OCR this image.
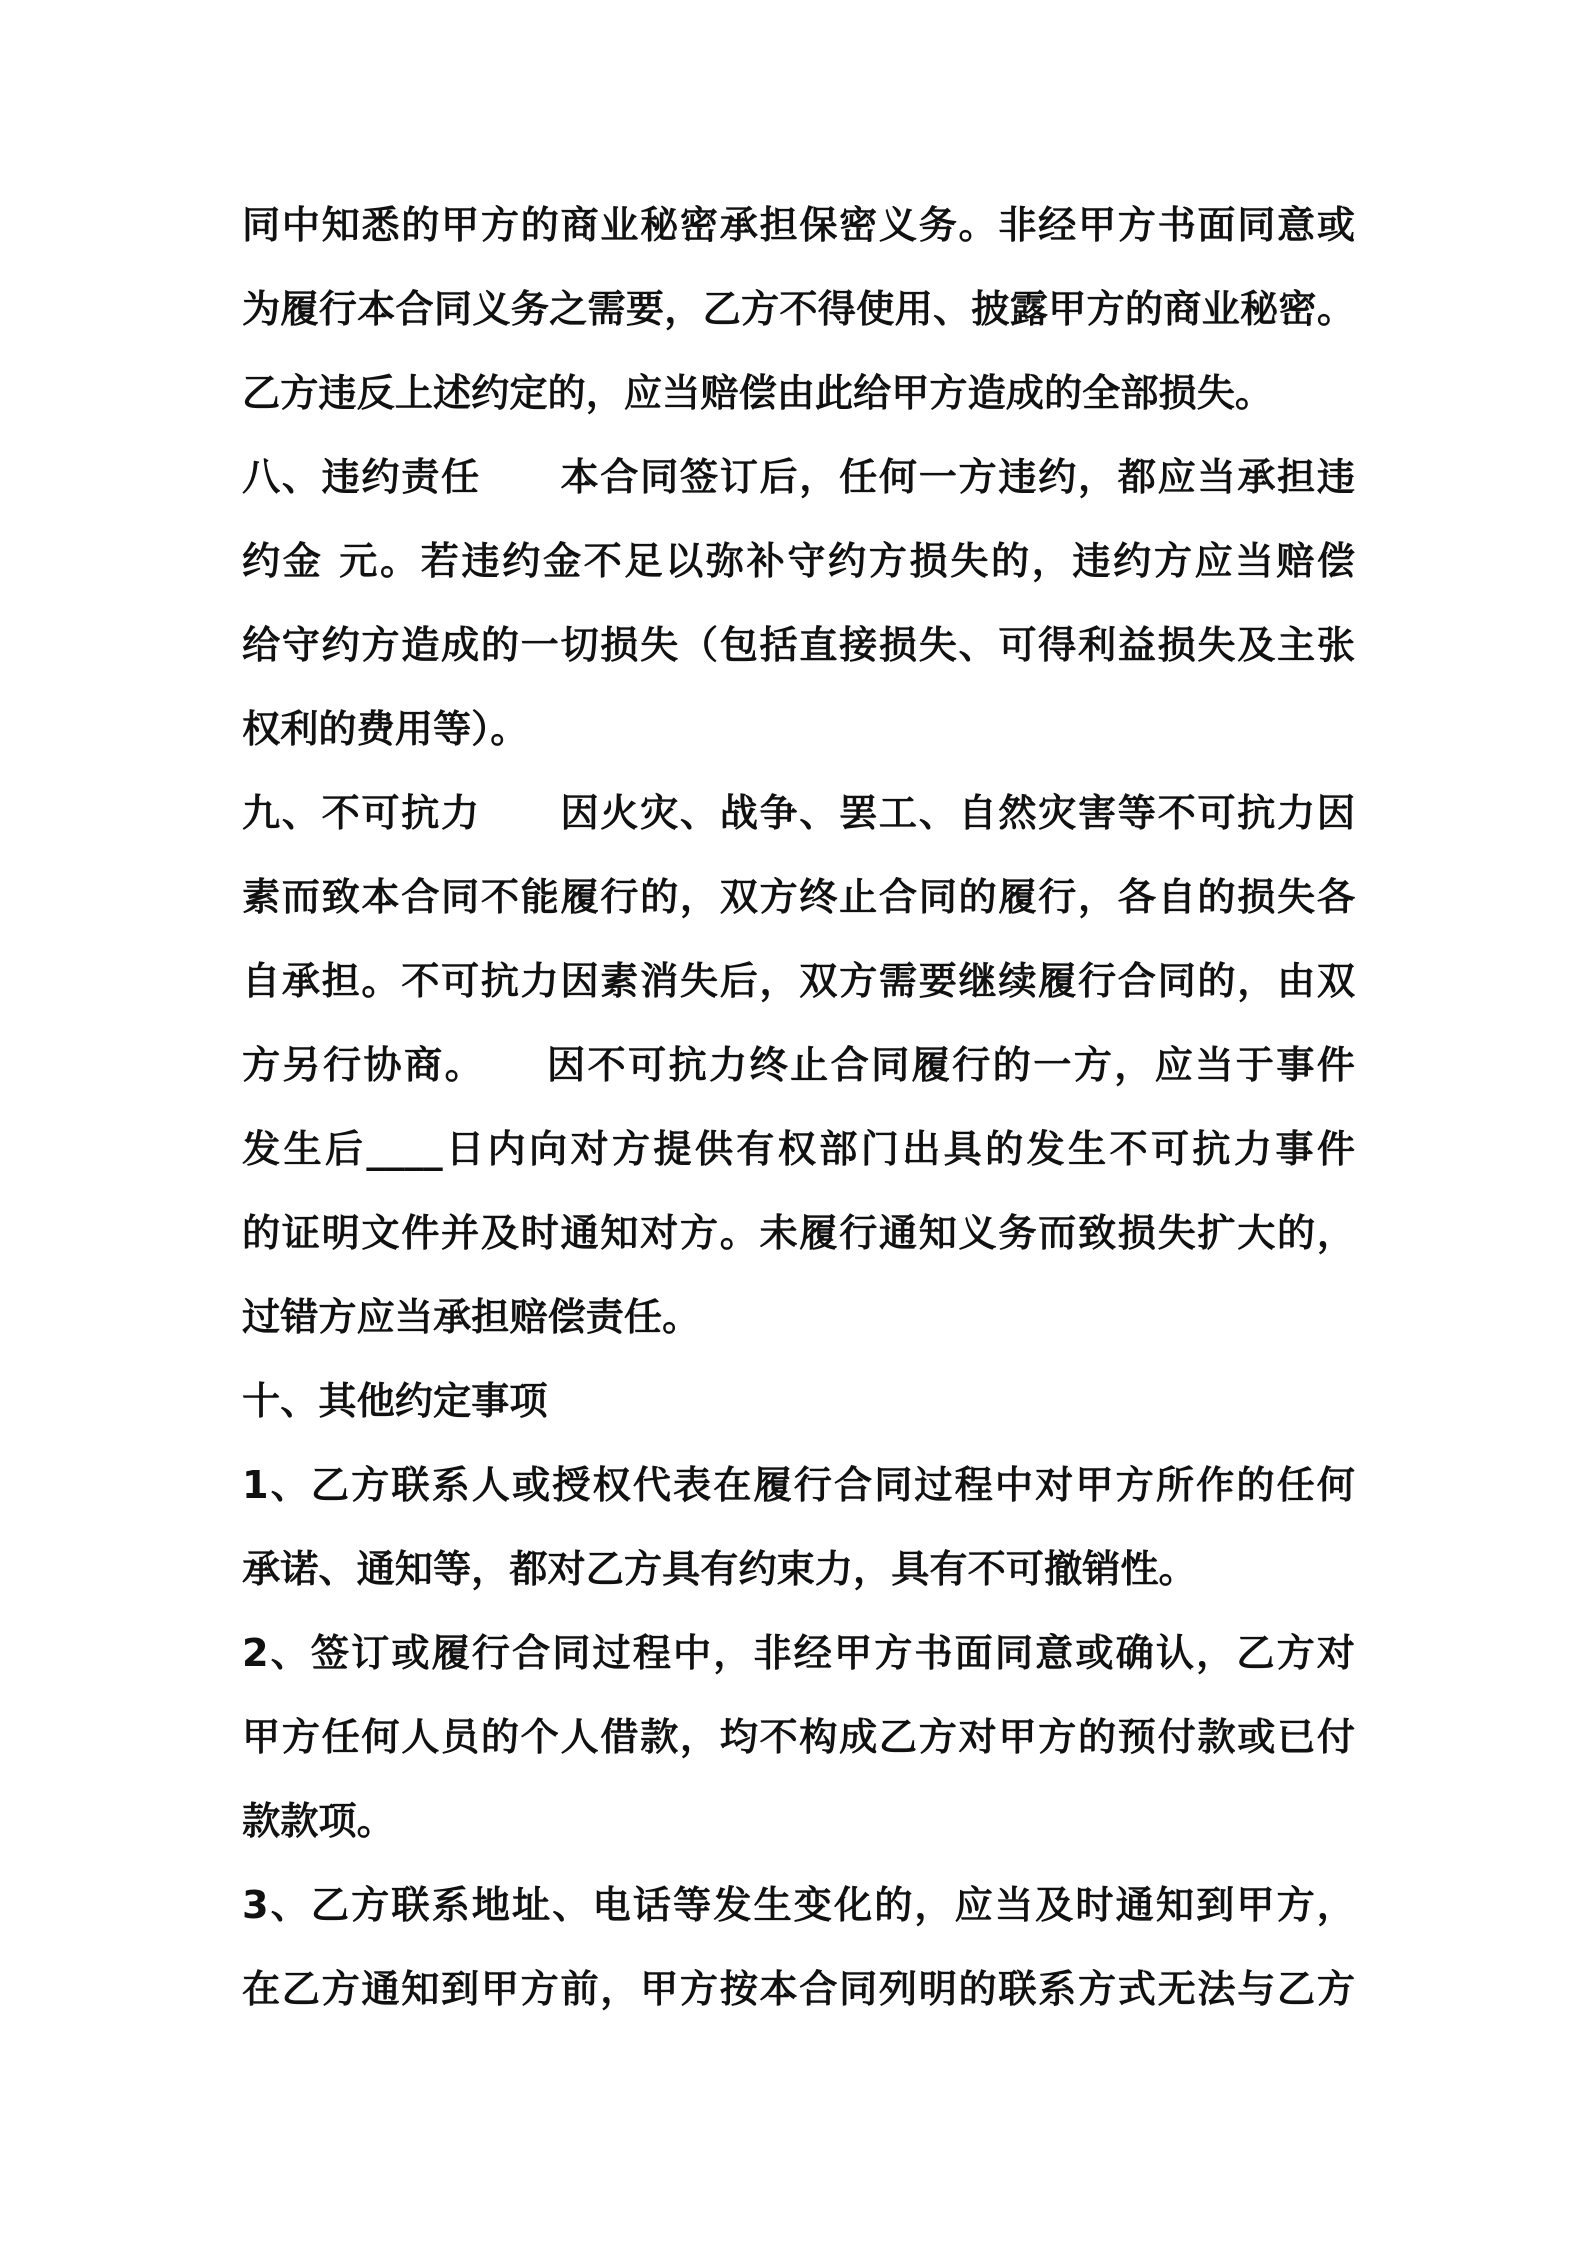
同中知悉的甲方的商业秘密承担保密义务。非经甲方书面同意或
为履行本合同义务之需要，乙方不得使用、披露甲方的商业秘密。
乙方违反上述约定的，应当赔偿由此给甲方造成的全部损失。
八、违约责任　　本合同签订后，任何一方违约，都应当承担违
约金 元。若违约金不足以弥补守约方损失的，违约方应当赔偿
给守约方造成的一切损失（包括直接损失、可得利益损失及主张
权利的费用等）。
九、不可抗力　　因火灾、战争、罢工、自然灾害等不可抗力因
素而致本合同不能履行的，双方终止合同的履行，各自的损失各
自承担。不可抗力因素消失后，双方需要继续履行合同的，由双
方另行协商。　　因不可抗力终止合同履行的一方，应当于事件
发生后____日内向对方提供有权部门出具的发生不可抗力事件
的证明文件并及时通知对方。未履行通知义务而致损失扩大的，
过错方应当承担赔偿责任。
十、其他约定事项
1、乙方联系人或授权代表在履行合同过程中对甲方所作的任何
承诺、通知等，都对乙方具有约束力，具有不可撤销性。
2、签订或履行合同过程中，非经甲方书面同意或确认，乙方对
甲方任何人员的个人借款，均不构成乙方对甲方的预付款或已付
款款项。
3、乙方联系地址、电话等发生变化的，应当及时通知到甲方，
在乙方通知到甲方前，甲方按本合同列明的联系方式无法与乙方
